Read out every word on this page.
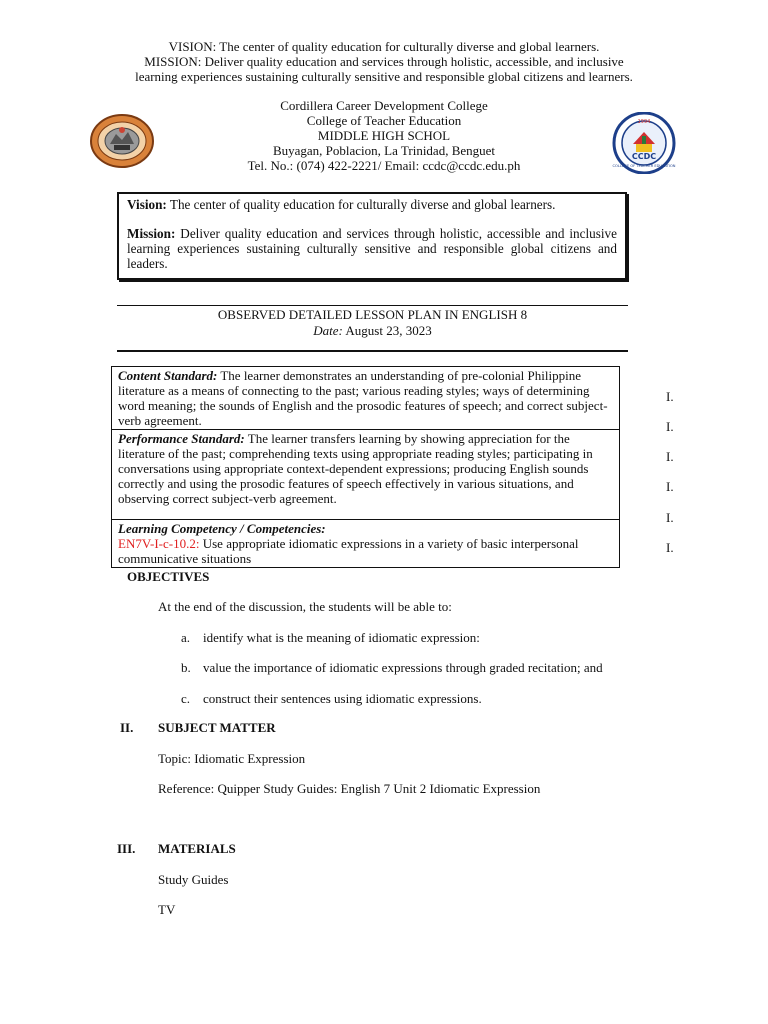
VISION: The center of quality education for culturally diverse and global learners.
MISSION: Deliver quality education and services through holistic, accessible, and inclusive
learning experiences sustaining culturally sensitive and responsible global citizens and learners.
Cordillera Career Development College
College of Teacher Education
MIDDLE HIGH SCHOL
Buyagan, Poblacion, La Trinidad, Benguet
Tel. No.: (074) 422-2221/ Email: ccdc@ccdc.edu.ph
CCDC
1994
COLLEGE OF TEACHER EDUCATION

Vision: The center of quality education for culturally diverse and global learners.

Mission: Deliver quality education and services through holistic, accessible and inclusive learning experiences sustaining culturally sensitive and responsible global citizens and leaders.

OBSERVED DETAILED LESSON PLAN IN ENGLISH 8
Date: August 23, 3023
Content Standard: The learner demonstrates an understanding of pre-colonial Philippine literature as a means of connecting to the past; various reading styles; ways of determining word meaning; the sounds of English and the prosodic features of speech; and correct subject-verb agreement.
Performance Standard: The learner transfers learning by showing appreciation for the literature of the past; comprehending texts using appropriate reading styles; participating in conversations using appropriate context-dependent expressions; producing English sounds correctly and using the prosodic features of speech effectively in various situations, and observing correct subject-verb agreement.

Learning Competency / Competencies:
EN7V-I-c-10.2: Use appropriate idiomatic expressions in a variety of basic interpersonal communicative situations
I.
I.
I.
I.
I.
I.
OBJECTIVES
At the end of the discussion, the students will be able to:
a. identify what is the meaning of idiomatic expression:
b. value the importance of idiomatic expressions through graded recitation; and
c. construct their sentences using idiomatic expressions.
II. SUBJECT MATTER
Topic: Idiomatic Expression
Reference: Quipper Study Guides: English 7 Unit 2 Idiomatic Expression
III. MATERIALS
Study Guides
TV
